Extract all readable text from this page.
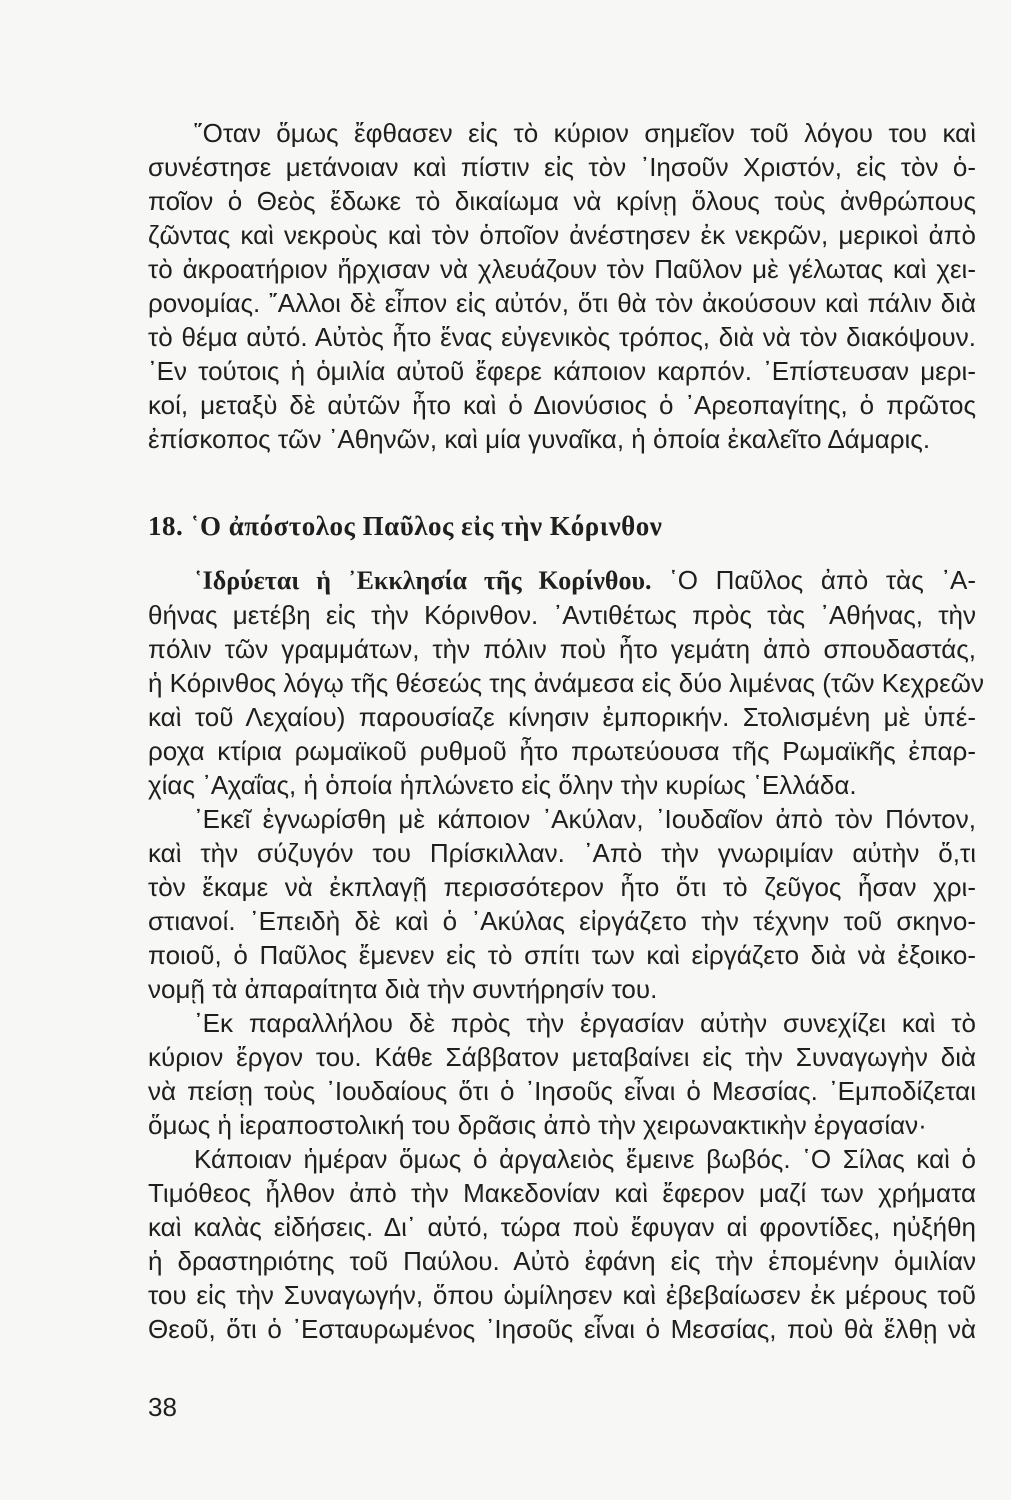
῞Οταν ὅμως ἔφθασεν εἰς τὸ κύριον σημεῖον τοῦ λόγου του καὶ
συνέστησε μετάνοιαν καὶ πίστιν εἰς τὸν ᾿Ιησοῦν Χριστόν, εἰς τὸν ὁ-
ποῖον ὁ Θεὸς ἔδωκε τὸ δικαίωμα νὰ κρίνῃ ὅλους τοὺς ἀνθρώπους
ζῶντας καὶ νεκροὺς καὶ τὸν ὁποῖον ἀνέστησεν ἐκ νεκρῶν, μερικοὶ ἀπὸ
τὸ ἀκροατήριον ἤρχισαν νὰ χλευάζουν τὸν Παῦλον μὲ γέλωτας καὶ χει-
ρονομίας. ῎Αλλοι δὲ εἶπον εἰς αὐτόν, ὅτι θὰ τὸν ἀκούσουν καὶ πάλιν διὰ
τὸ θέμα αὐτό. Αὐτὸς ἦτο ἕνας εὐγενικὸς τρόπος, διὰ νὰ τὸν διακόψουν.
᾿Εν τούτοις ἡ ὁμιλία αὐτοῦ ἔφερε κάποιον καρπόν. ᾿Επίστευσαν μερι-
κοί, μεταξὺ δὲ αὐτῶν ἦτο καὶ ὁ Διονύσιος ὁ ᾿Αρεοπαγίτης, ὁ πρῶτος
ἐπίσκοπος τῶν ᾿Αθηνῶν, καὶ μία γυναῖκα, ἡ ὁποία ἐκαλεῖτο Δάμαρις.
18. ῾Ο ἀπόστολος Παῦλος εἰς τὴν Κόρινθον
῾Ιδρύεται ἡ ᾿Εκκλησία τῆς Κορίνθου. ῾Ο Παῦλος ἀπὸ τὰς ᾿Α-
θήνας μετέβη εἰς τὴν Κόρινθον. ᾿Αντιθέτως πρὸς τὰς ᾿Αθήνας, τὴν
πόλιν τῶν γραμμάτων, τὴν πόλιν ποὺ ἦτο γεμάτη ἀπὸ σπουδαστάς,
ἡ Κόρινθος λόγῳ τῆς θέσεώς της ἀνάμεσα εἰς δύο λιμένας (τῶν Κεχρεῶν
καὶ τοῦ Λεχαίου) παρουσίαζε κίνησιν ἐμπορικήν. Στολισμένη μὲ ὑπέ-
ροχα κτίρια ρωμαϊκοῦ ρυθμοῦ ἦτο πρωτεύουσα τῆς Ρωμαϊκῆς ἐπαρ-
χίας ᾿Αχαΐας, ἡ ὁποία ἡπλώνετο εἰς ὅλην τὴν κυρίως ῾Ελλάδα.
᾿Εκεῖ ἐγνωρίσθη μὲ κάποιον ᾿Ακύλαν, ᾿Ιουδαῖον ἀπὸ τὸν Πόντον,
καὶ τὴν σύζυγόν του Πρίσκιλλαν. ᾿Απὸ τὴν γνωριμίαν αὐτὴν ὅ,τι
τὸν ἔκαμε νὰ ἐκπλαγῇ περισσότερον ἦτο ὅτι τὸ ζεῦγος ἦσαν χρι-
στιανοί. ᾿Επειδὴ δὲ καὶ ὁ ᾿Ακύλας εἰργάζετο τὴν τέχνην τοῦ σκηνο-
ποιοῦ, ὁ Παῦλος ἔμενεν εἰς τὸ σπίτι των καὶ εἰργάζετο διὰ νὰ ἐξοικο-
νομῇ τὰ ἀπαραίτητα διὰ τὴν συντήρησίν του.
᾿Εκ παραλλήλου δὲ πρὸς τὴν ἐργασίαν αὐτὴν συνεχίζει καὶ τὸ
κύριον ἔργον του. Κάθε Σάββατον μεταβαίνει εἰς τὴν Συναγωγὴν διὰ
νὰ πείσῃ τοὺς ᾿Ιουδαίους ὅτι ὁ ᾿Ιησοῦς εἶναι ὁ Μεσσίας. ᾿Εμποδίζεται
ὅμως ἡ ἱεραποστολική του δρᾶσις ἀπὸ τὴν χειρωνακτικὴν ἐργασίαν·
Κάποιαν ἡμέραν ὅμως ὁ ἀργαλειὸς ἔμεινε βωβός. ῾Ο Σίλας καὶ ὁ
Τιμόθεος ἦλθον ἀπὸ τὴν Μακεδονίαν καὶ ἔφερον μαζί των χρήματα
καὶ καλὰς εἰδήσεις. Δι᾿ αὐτό, τώρα ποὺ ἔφυγαν αἱ φροντίδες, ηὐξήθη
ἡ δραστηριότης τοῦ Παύλου. Αὐτὸ ἐφάνη εἰς τὴν ἑπομένην ὁμιλίαν
του εἰς τὴν Συναγωγήν, ὅπου ὡμίλησεν καὶ ἐβεβαίωσεν ἐκ μέρους τοῦ
Θεοῦ, ὅτι ὁ ᾿Εσταυρωμένος ᾿Ιησοῦς εἶναι ὁ Μεσσίας, ποὺ θὰ ἔλθῃ νὰ
38
